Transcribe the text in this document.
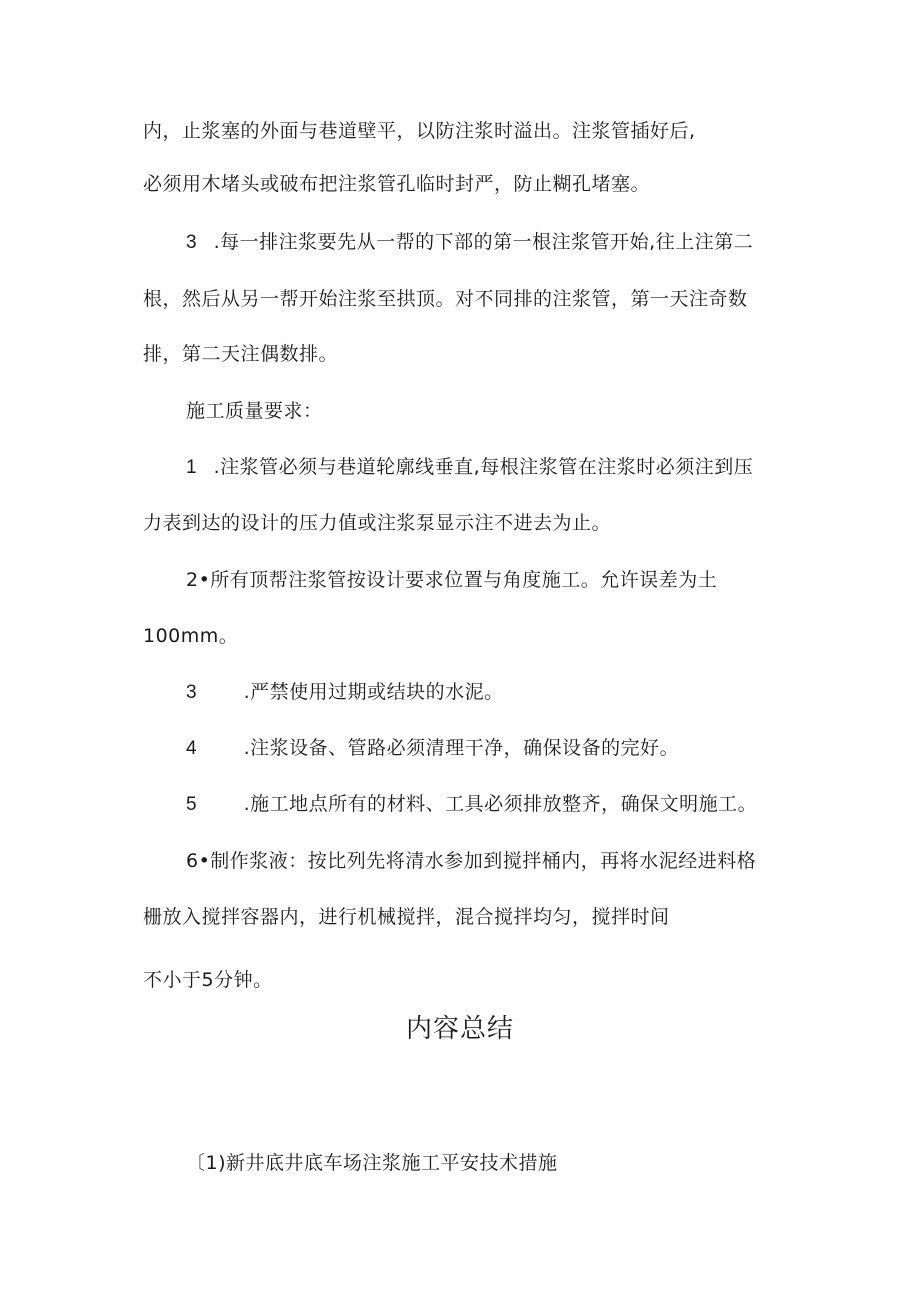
内，止浆塞的外面与巷道壁平，以防注浆时溢出。注浆管插好后,
必须用木堵头或破布把注浆管孔临时封严，防止糊孔堵塞。
3 .每一排注浆要先从一帮的下部的第一根注浆管开始,往上注第二
根，然后从另一帮开始注浆至拱顶。对不同排的注浆管，第一天注奇数
排，第二天注偶数排。
施工质量要求：
1 .注浆管必须与巷道轮廓线垂直,每根注浆管在注浆时必须注到压
力表到达的设计的压力值或注浆泵显示注不进去为止。
2•所有顶帮注浆管按设计要求位置与角度施工。允许误差为土
100mm。
3 .严禁使用过期或结块的水泥。
4 .注浆设备、管路必须清理干净，确保设备的完好。
5 .施工地点所有的材料、工具必须排放整齐，确保文明施工。
6•制作浆液：按比列先将清水参加到搅拌桶内，再将水泥经进料格
栅放入搅拌容器内，进行机械搅拌，混合搅拌均匀，搅拌时间
不小于5分钟。
内容总结
〔1)新井底井底车场注浆施工平安技术措施
